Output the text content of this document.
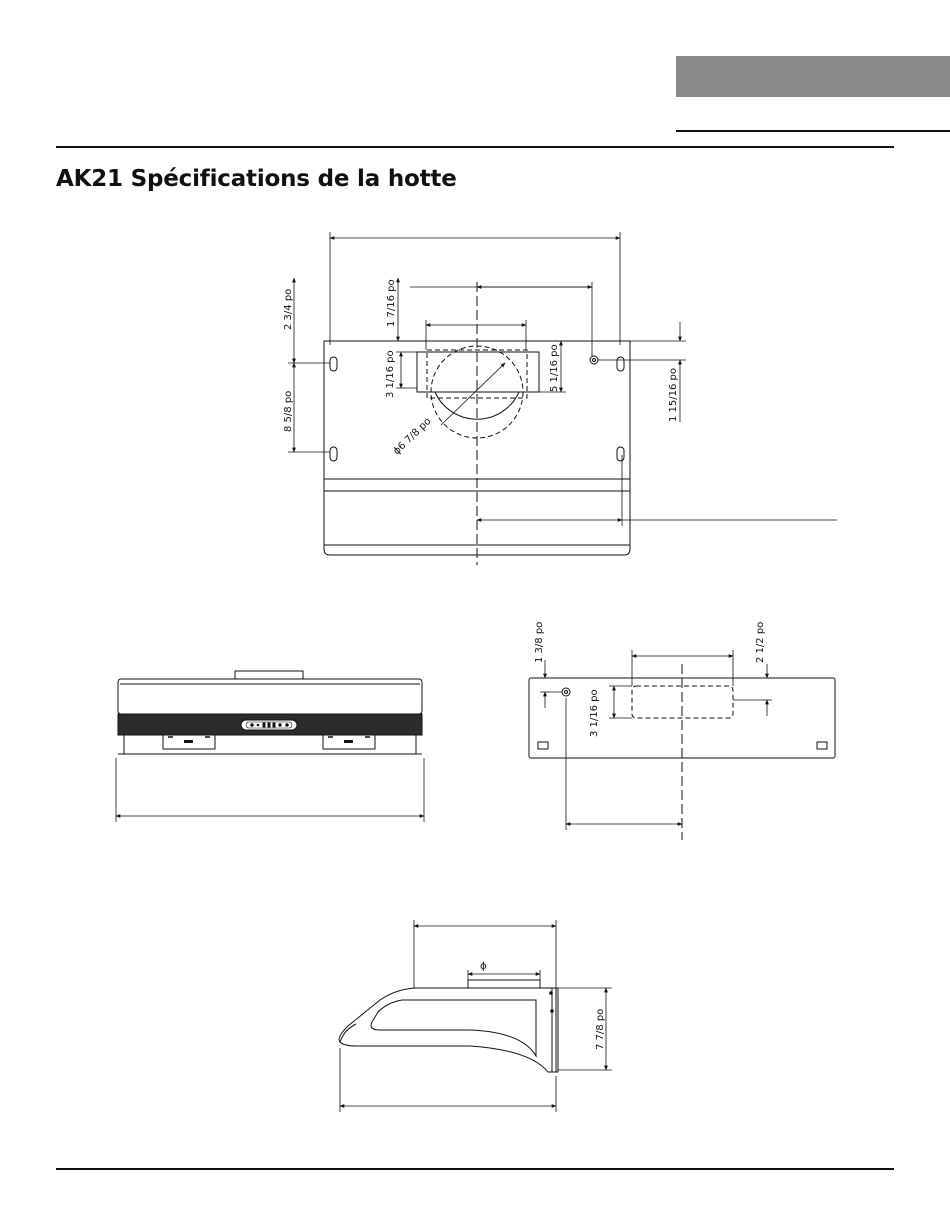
AK21 Spécifications de la hotte
2 3/4 po
8 5/8 po
1 7/16 po
3 1/16 po	5 1/16 po
ϕ6 7/8 po
1 15/16 po
1 3/8 po
3 1/16 po
2 1/2 po
ϕ
7 7/8 po
